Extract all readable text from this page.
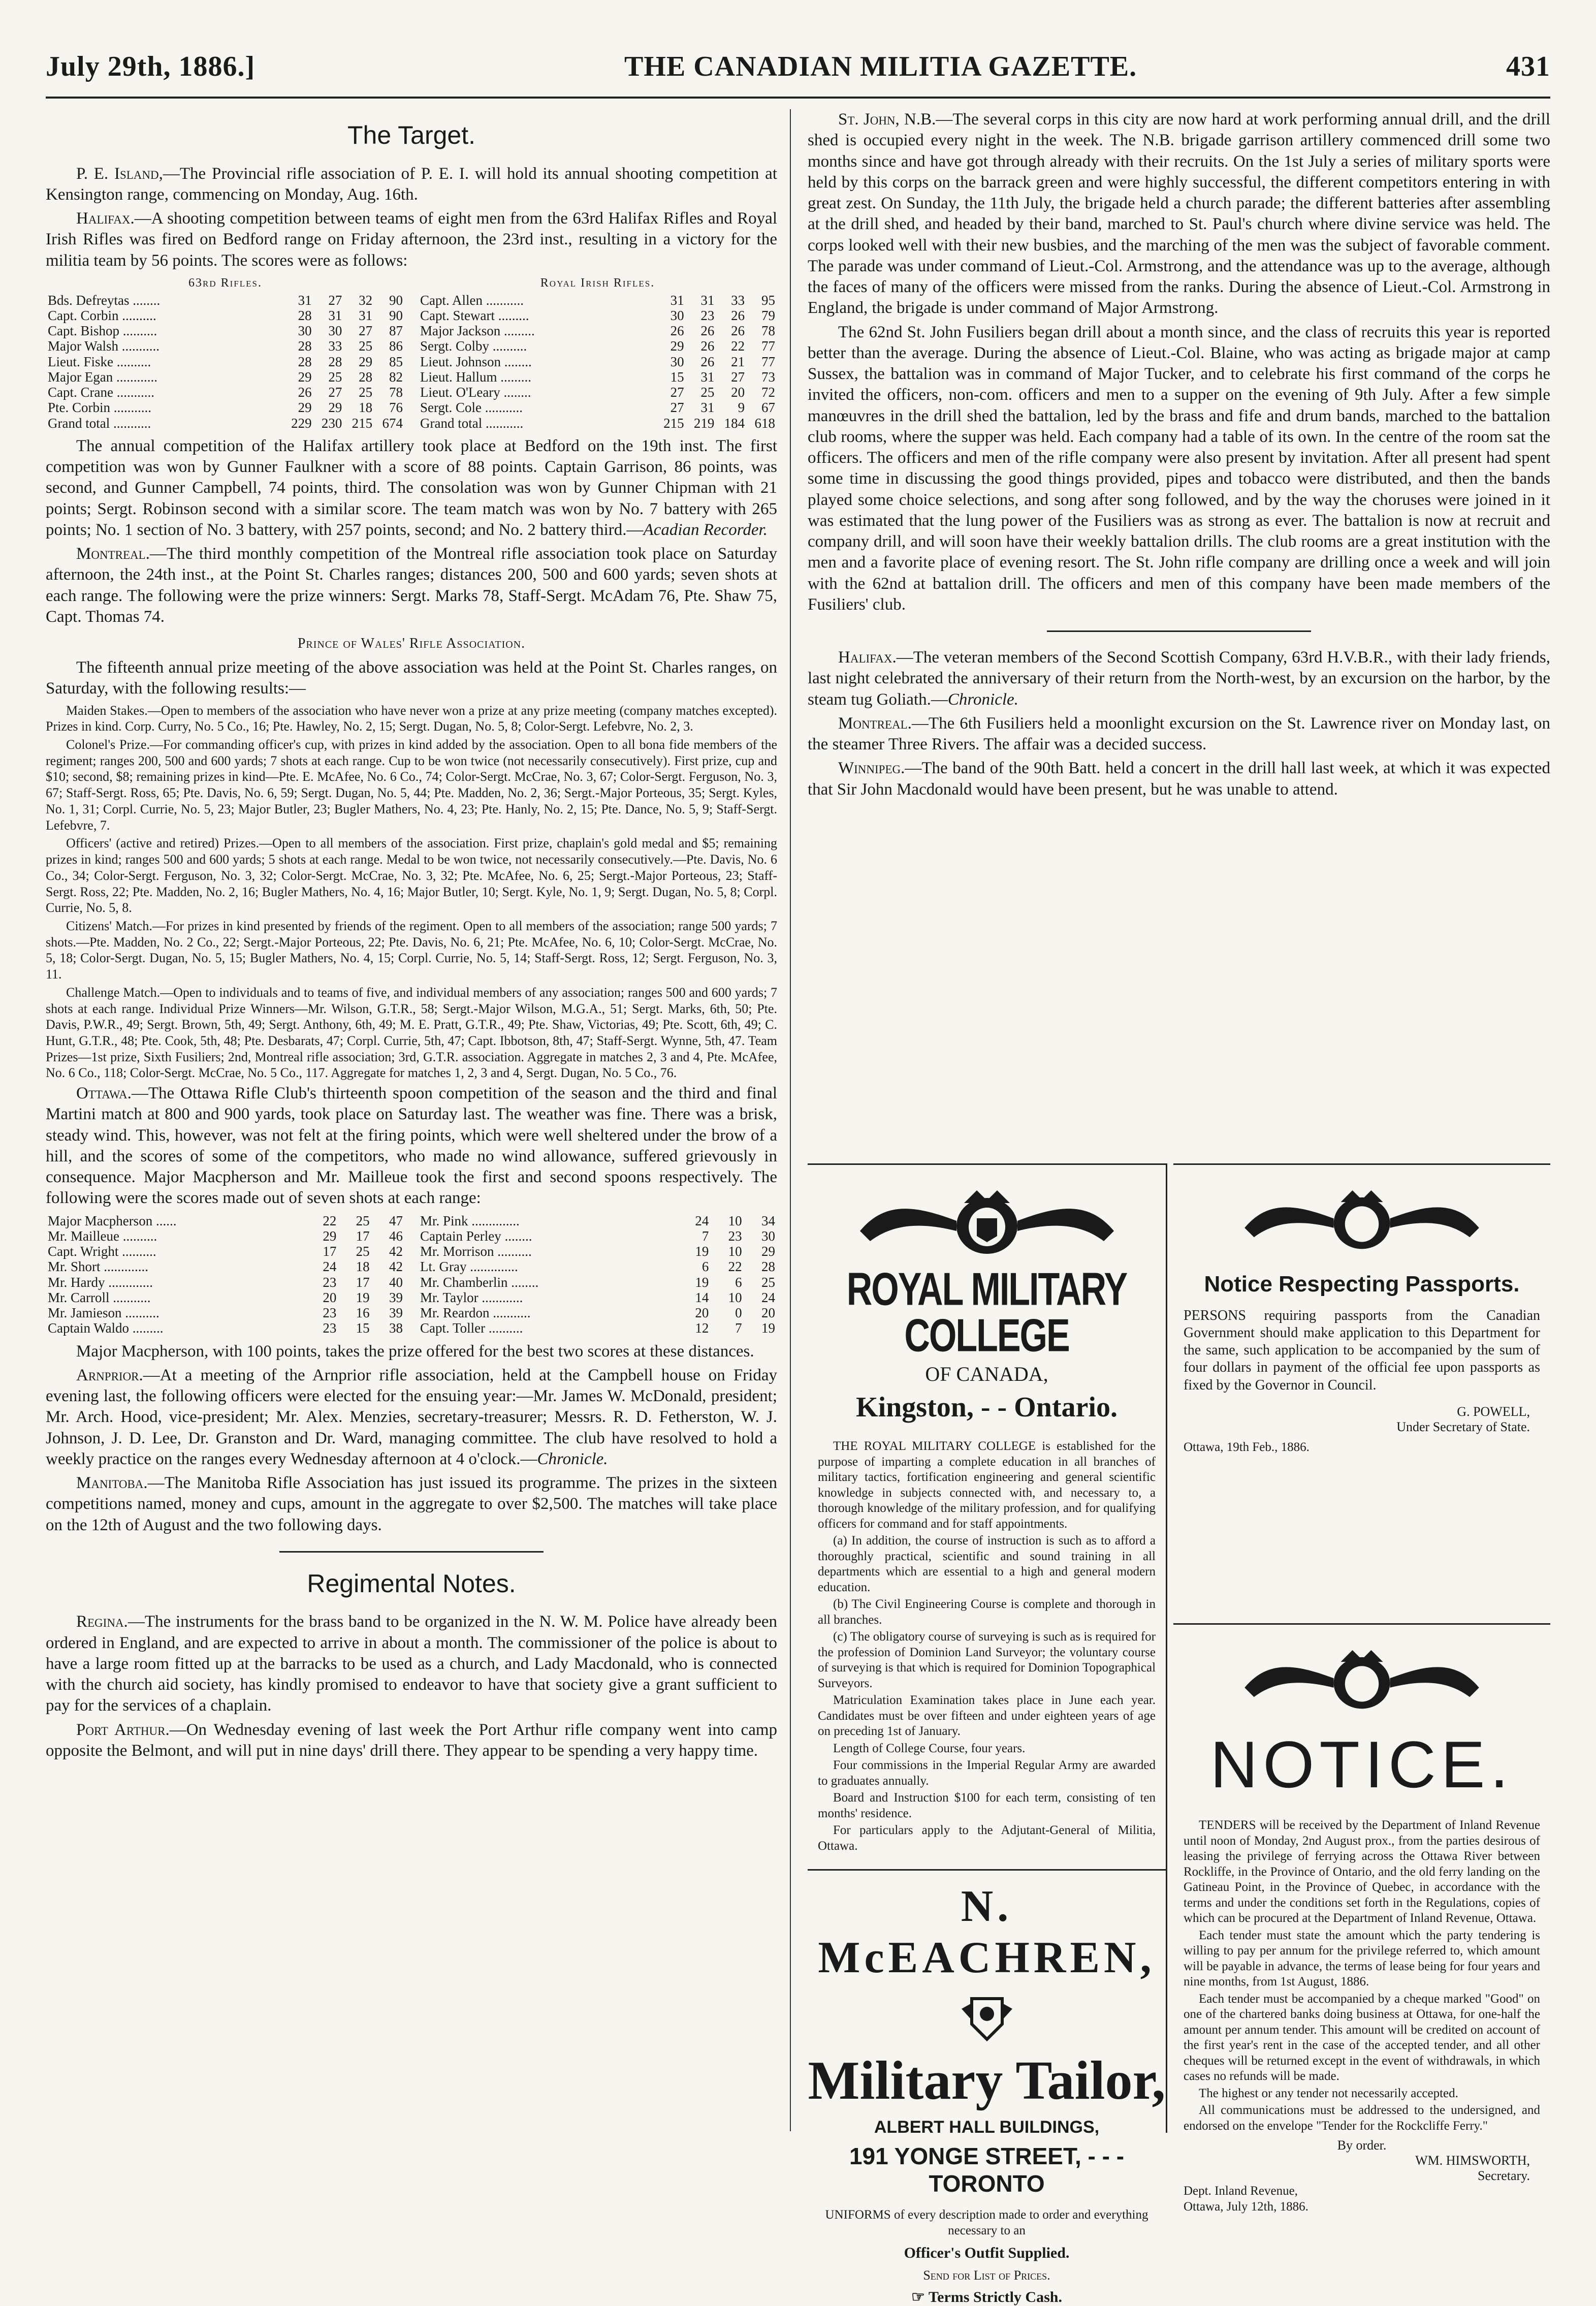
July 29th, 1886.]	THE CANADIAN MILITIA GAZETTE.	431
The Target.

P. E. Island,—The Provincial rifle association of P. E. I. will hold its annual shooting competition at Kensington range, commencing on Monday, Aug. 16th.

Halifax.—A shooting competition between teams of eight men from the 63rd Halifax Rifles and Royal Irish Rifles was fired on Bedford range on Friday afternoon, the 23rd inst., resulting in a victory for the militia team by 56 points. The scores were as follows:

63rd Rifles.
Bds. Defreytas ........	31	27	32	90
Capt. Corbin ..........	28	31	31	90
Capt. Bishop ..........	30	30	27	87
Major Walsh ...........	28	33	25	86
Lieut. Fiske ..........	28	28	29	85
Major Egan ............	29	25	28	82
Capt. Crane ...........	26	27	25	78
Pte. Corbin ...........	29	29	18	76
Grand total ...........	229	230	215	674
Royal Irish Rifles.
Capt. Allen ...........	31	31	33	95
Capt. Stewart .........	30	23	26	79
Major Jackson .........	26	26	26	78
Sergt. Colby ..........	29	26	22	77
Lieut. Johnson ........	30	26	21	77
Lieut. Hallum .........	15	31	27	73
Lieut. O'Leary ........	27	25	20	72
Sergt. Cole ...........	27	31	9	67
Grand total ...........	215	219	184	618

The annual competition of the Halifax artillery took place at Bedford on the 19th inst. The first competition was won by Gunner Faulkner with a score of 88 points. Captain Garrison, 86 points, was second, and Gunner Campbell, 74 points, third. The consolation was won by Gunner Chipman with 21 points; Sergt. Robinson second with a similar score. The team match was won by No. 7 battery with 265 points; No. 1 section of No. 3 battery, with 257 points, second; and No. 2 battery third.—Acadian Recorder.

Montreal.—The third monthly competition of the Montreal rifle association took place on Saturday afternoon, the 24th inst., at the Point St. Charles ranges; distances 200, 500 and 600 yards; seven shots at each range. The following were the prize winners: Sergt. Marks 78, Staff-Sergt. McAdam 76, Pte. Shaw 75, Capt. Thomas 74.

Prince of Wales' Rifle Association.

The fifteenth annual prize meeting of the above association was held at the Point St. Charles ranges, on Saturday, with the following results:—

Maiden Stakes.—Open to members of the association who have never won a prize at any prize meeting (company matches excepted). Prizes in kind. Corp. Curry, No. 5 Co., 16; Pte. Hawley, No. 2, 15; Sergt. Dugan, No. 5, 8; Color-Sergt. Lefebvre, No. 2, 3.

Colonel's Prize.—For commanding officer's cup, with prizes in kind added by the association. Open to all bona fide members of the regiment; ranges 200, 500 and 600 yards; 7 shots at each range. Cup to be won twice (not necessarily consecutively). First prize, cup and $10; second, $8; remaining prizes in kind—Pte. E. McAfee, No. 6 Co., 74; Color-Sergt. McCrae, No. 3, 67; Color-Sergt. Ferguson, No. 3, 67; Staff-Sergt. Ross, 65; Pte. Davis, No. 6, 59; Sergt. Dugan, No. 5, 44; Pte. Madden, No. 2, 36; Sergt.-Major Porteous, 35; Sergt. Kyles, No. 1, 31; Corpl. Currie, No. 5, 23; Major Butler, 23; Bugler Mathers, No. 4, 23; Pte. Hanly, No. 2, 15; Pte. Dance, No. 5, 9; Staff-Sergt. Lefebvre, 7.

Officers' (active and retired) Prizes.—Open to all members of the association. First prize, chaplain's gold medal and $5; remaining prizes in kind; ranges 500 and 600 yards; 5 shots at each range. Medal to be won twice, not necessarily consecutively.—Pte. Davis, No. 6 Co., 34; Color-Sergt. Ferguson, No. 3, 32; Color-Sergt. McCrae, No. 3, 32; Pte. McAfee, No. 6, 25; Sergt.-Major Porteous, 23; Staff-Sergt. Ross, 22; Pte. Madden, No. 2, 16; Bugler Mathers, No. 4, 16; Major Butler, 10; Sergt. Kyle, No. 1, 9; Sergt. Dugan, No. 5, 8; Corpl. Currie, No. 5, 8.

Citizens' Match.—For prizes in kind presented by friends of the regiment. Open to all members of the association; range 500 yards; 7 shots.—Pte. Madden, No. 2 Co., 22; Sergt.-Major Porteous, 22; Pte. Davis, No. 6, 21; Pte. McAfee, No. 6, 10; Color-Sergt. McCrae, No. 5, 18; Color-Sergt. Dugan, No. 5, 15; Bugler Mathers, No. 4, 15; Corpl. Currie, No. 5, 14; Staff-Sergt. Ross, 12; Sergt. Ferguson, No. 3, 11.

Challenge Match.—Open to individuals and to teams of five, and individual members of any association; ranges 500 and 600 yards; 7 shots at each range. Individual Prize Winners—Mr. Wilson, G.T.R., 58; Sergt.-Major Wilson, M.G.A., 51; Sergt. Marks, 6th, 50; Pte. Davis, P.W.R., 49; Sergt. Brown, 5th, 49; Sergt. Anthony, 6th, 49; M. E. Pratt, G.T.R., 49; Pte. Shaw, Victorias, 49; Pte. Scott, 6th, 49; C. Hunt, G.T.R., 48; Pte. Cook, 5th, 48; Pte. Desbarats, 47; Corpl. Currie, 5th, 47; Capt. Ibbotson, 8th, 47; Staff-Sergt. Wynne, 5th, 47. Team Prizes—1st prize, Sixth Fusiliers; 2nd, Montreal rifle association; 3rd, G.T.R. association. Aggregate in matches 2, 3 and 4, Pte. McAfee, No. 6 Co., 118; Color-Sergt. McCrae, No. 5 Co., 117. Aggregate for matches 1, 2, 3 and 4, Sergt. Dugan, No. 5 Co., 76.

Ottawa.—The Ottawa Rifle Club's thirteenth spoon competition of the season and the third and final Martini match at 800 and 900 yards, took place on Saturday last. The weather was fine. There was a brisk, steady wind. This, however, was not felt at the firing points, which were well sheltered under the brow of a hill, and the scores of some of the competitors, who made no wind allowance, suffered grievously in consequence. Major Macpherson and Mr. Mailleue took the first and second spoons respectively. The following were the scores made out of seven shots at each range:

Major Macpherson ......	22	25	47
Mr. Mailleue ..........	29	17	46
Capt. Wright ..........	17	25	42
Mr. Short .............	24	18	42
Mr. Hardy .............	23	17	40
Mr. Carroll ...........	20	19	39
Mr. Jamieson ..........	23	16	39
Captain Waldo .........	23	15	38
Mr. Pink ..............	24	10	34
Captain Perley ........	7	23	30
Mr. Morrison ..........	19	10	29
Lt. Gray ..............	6	22	28
Mr. Chamberlin ........	19	6	25
Mr. Taylor ............	14	10	24
Mr. Reardon ...........	20	0	20
Capt. Toller ..........	12	7	19

Major Macpherson, with 100 points, takes the prize offered for the best two scores at these distances.

Arnprior.—At a meeting of the Arnprior rifle association, held at the Campbell house on Friday evening last, the following officers were elected for the ensuing year:—Mr. James W. McDonald, president; Mr. Arch. Hood, vice-president; Mr. Alex. Menzies, secretary-treasurer; Messrs. R. D. Fetherston, W. J. Johnson, J. D. Lee, Dr. Granston and Dr. Ward, managing committee. The club have resolved to hold a weekly practice on the ranges every Wednesday afternoon at 4 o'clock.—Chronicle.

Manitoba.—The Manitoba Rifle Association has just issued its programme. The prizes in the sixteen competitions named, money and cups, amount in the aggregate to over $2,500. The matches will take place on the 12th of August and the two following days.

Regimental Notes.

Regina.—The instruments for the brass band to be organized in the N. W. M. Police have already been ordered in England, and are expected to arrive in about a month. The commissioner of the police is about to have a large room fitted up at the barracks to be used as a church, and Lady Macdonald, who is connected with the church aid society, has kindly promised to endeavor to have that society give a grant sufficient to pay for the services of a chaplain.

Port Arthur.—On Wednesday evening of last week the Port Arthur rifle company went into camp opposite the Belmont, and will put in nine days' drill there. They appear to be spending a very happy time.

St. John, N.B.—The several corps in this city are now hard at work performing annual drill, and the drill shed is occupied every night in the week. The N.B. brigade garrison artillery commenced drill some two months since and have got through already with their recruits. On the 1st July a series of military sports were held by this corps on the barrack green and were highly successful, the different competitors entering in with great zest. On Sunday, the 11th July, the brigade held a church parade; the different batteries after assembling at the drill shed, and headed by their band, marched to St. Paul's church where divine service was held. The corps looked well with their new busbies, and the marching of the men was the subject of favorable comment. The parade was under command of Lieut.-Col. Armstrong, and the attendance was up to the average, although the faces of many of the officers were missed from the ranks. During the absence of Lieut.-Col. Armstrong in England, the brigade is under command of Major Armstrong.

The 62nd St. John Fusiliers began drill about a month since, and the class of recruits this year is reported better than the average. During the absence of Lieut.-Col. Blaine, who was acting as brigade major at camp Sussex, the battalion was in command of Major Tucker, and to celebrate his first command of the corps he invited the officers, non-com. officers and men to a supper on the evening of 9th July. After a few simple manœuvres in the drill shed the battalion, led by the brass and fife and drum bands, marched to the battalion club rooms, where the supper was held. Each company had a table of its own. In the centre of the room sat the officers. The officers and men of the rifle company were also present by invitation. After all present had spent some time in discussing the good things provided, pipes and tobacco were distributed, and then the bands played some choice selections, and song after song followed, and by the way the choruses were joined in it was estimated that the lung power of the Fusiliers was as strong as ever. The battalion is now at recruit and company drill, and will soon have their weekly battalion drills. The club rooms are a great institution with the men and a favorite place of evening resort. The St. John rifle company are drilling once a week and will join with the 62nd at battalion drill. The officers and men of this company have been made members of the Fusiliers' club.

Halifax.—The veteran members of the Second Scottish Company, 63rd H.V.B.R., with their lady friends, last night celebrated the anniversary of their return from the North-west, by an excursion on the harbor, by the steam tug Goliath.—Chronicle.

Montreal.—The 6th Fusiliers held a moonlight excursion on the St. Lawrence river on Monday last, on the steamer Three Rivers. The affair was a decided success.

Winnipeg.—The band of the 90th Batt. held a concert in the drill hall last week, at which it was expected that Sir John Macdonald would have been present, but he was unable to attend.

ROYAL MILITARY COLLEGE
OF CANADA,
Kingston, - - Ontario.

THE ROYAL MILITARY COLLEGE is established for the purpose of imparting a complete education in all branches of military tactics, fortification engineering and general scientific knowledge in subjects connected with, and necessary to, a thorough knowledge of the military profession, and for qualifying officers for command and for staff appointments.

(a) In addition, the course of instruction is such as to afford a thoroughly practical, scientific and sound training in all departments which are essential to a high and general modern education.

(b) The Civil Engineering Course is complete and thorough in all branches.

(c) The obligatory course of surveying is such as is required for the profession of Dominion Land Surveyor; the voluntary course of surveying is that which is required for Dominion Topographical Surveyors.

Matriculation Examination takes place in June each year. Candidates must be over fifteen and under eighteen years of age on preceding 1st of January.

Length of College Course, four years.

Four commissions in the Imperial Regular Army are awarded to graduates annually.

Board and Instruction $100 for each term, consisting of ten months' residence.

For particulars apply to the Adjutant-General of Militia, Ottawa.

N. McEACHREN,
Military Tailor,
ALBERT HALL BUILDINGS,
191 YONGE STREET, - - - TORONTO
UNIFORMS of every description made to order and everything necessary to an
Officer's Outfit Supplied.
Send for List of Prices.
☞ Terms Strictly Cash.
Notice Respecting Passports.
PERSONS requiring passports from the Canadian Government should make application to this Department for the same, such application to be accompanied by the sum of four dollars in payment of the official fee upon passports as fixed by the Governor in Council.
G. POWELL,
Under Secretary of State.
Ottawa, 19th Feb., 1886.
NOTICE.

TENDERS will be received by the Department of Inland Revenue until noon of Monday, 2nd August prox., from the parties desirous of leasing the privilege of ferrying across the Ottawa River between Rockliffe, in the Province of Ontario, and the old ferry landing on the Gatineau Point, in the Province of Quebec, in accordance with the terms and under the conditions set forth in the Regulations, copies of which can be procured at the Department of Inland Revenue, Ottawa.

Each tender must state the amount which the party tendering is willing to pay per annum for the privilege referred to, which amount will be payable in advance, the terms of lease being for four years and nine months, from 1st August, 1886.

Each tender must be accompanied by a cheque marked "Good" on one of the chartered banks doing business at Ottawa, for one-half the amount per annum tender. This amount will be credited on account of the first year's rent in the case of the accepted tender, and all other cheques will be returned except in the event of withdrawals, in which cases no refunds will be made.

The highest or any tender not necessarily accepted.

All communications must be addressed to the undersigned, and endorsed on the envelope "Tender for the Rockcliffe Ferry."

By order.
WM. HIMSWORTH,
Secretary.
Dept. Inland Revenue,
Ottawa, July 12th, 1886.
